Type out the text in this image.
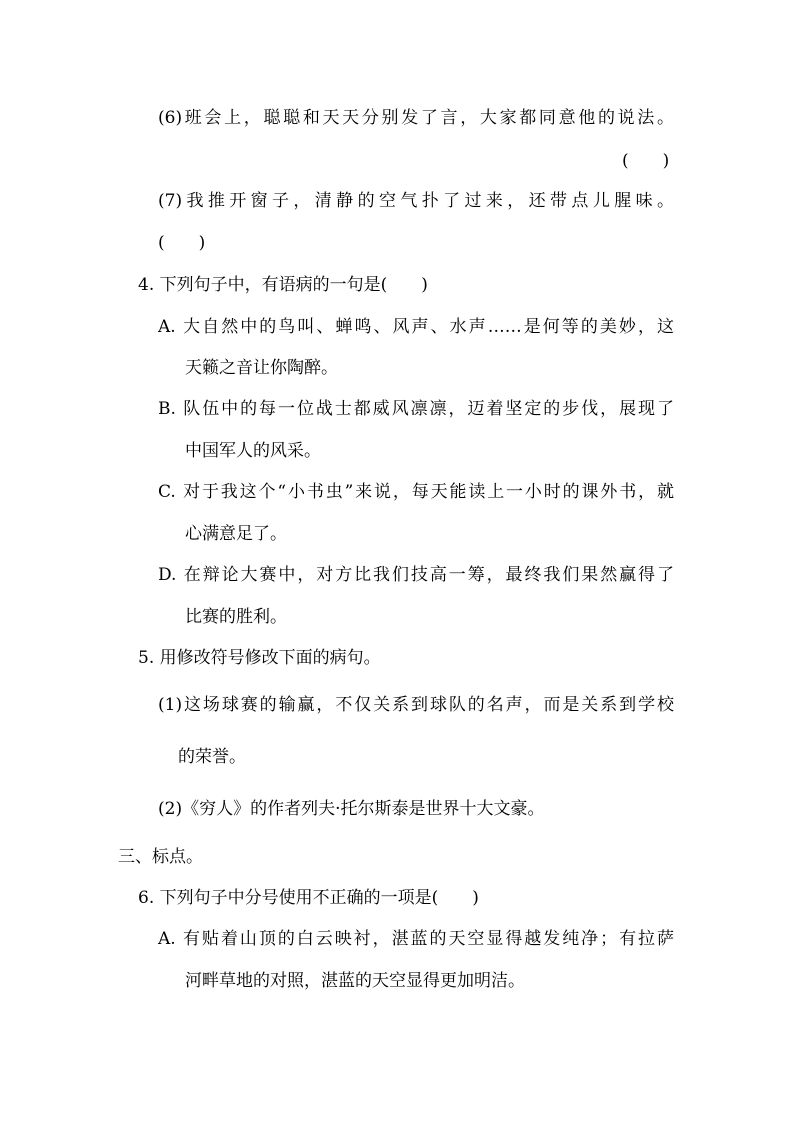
(6)班会上，聪聪和天天分别发了言，大家都同意他的说法。
(　　)
(7)我推开窗子，清静的空气扑了过来，还带点儿腥味。
(　　)
4. 下列句子中，有语病的一句是(　　)
A. 大自然中的鸟叫、蝉鸣、风声、水声……是何等的美妙，这
天籁之音让你陶醉。
B. 队伍中的每一位战士都威风凛凛，迈着坚定的步伐，展现了
中国军人的风采。
C. 对于我这个“小书虫”来说，每天能读上一小时的课外书，就
心满意足了。
D. 在辩论大赛中，对方比我们技高一筹，最终我们果然赢得了
比赛的胜利。
5. 用修改符号修改下面的病句。
(1)这场球赛的输赢，不仅关系到球队的名声，而是关系到学校
的荣誉。
(2)《穷人》的作者列夫·托尔斯泰是世界十大文豪。
三、标点。
6. 下列句子中分号使用不正确的一项是(　　)
A. 有贴着山顶的白云映衬，湛蓝的天空显得越发纯净；有拉萨
河畔草地的对照，湛蓝的天空显得更加明洁。
